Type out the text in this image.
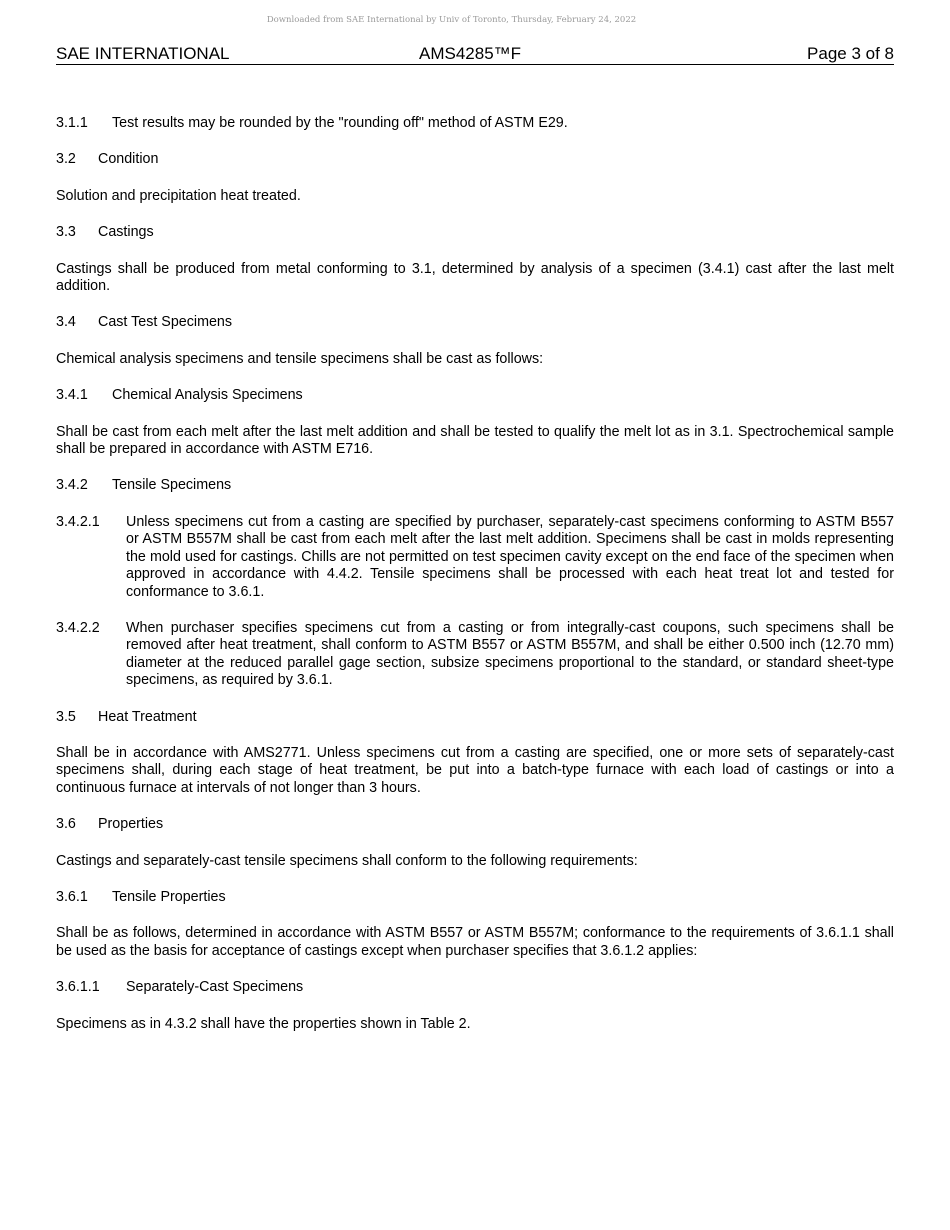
Downloaded from SAE International by Univ of Toronto, Thursday, February 24, 2022
SAE INTERNATIONAL	AMS4285™F	Page 3 of 8

3.1.1	Test results may be rounded by the "rounding off" method of ASTM E29.

3.2	Condition

Solution and precipitation heat treated.

3.3	Castings

Castings shall be produced from metal conforming to 3.1, determined by analysis of a specimen (3.4.1) cast after the last melt addition.

3.4	Cast Test Specimens

Chemical analysis specimens and tensile specimens shall be cast as follows:

3.4.1	Chemical Analysis Specimens

Shall be cast from each melt after the last melt addition and shall be tested to qualify the melt lot as in 3.1. Spectrochemical sample shall be prepared in accordance with ASTM E716.

3.4.2	Tensile Specimens

3.4.2.1	Unless specimens cut from a casting are specified by purchaser, separately-cast specimens conforming to ASTM B557 or ASTM B557M shall be cast from each melt after the last melt addition. Specimens shall be cast in molds representing the mold used for castings. Chills are not permitted on test specimen cavity except on the end face of the specimen when approved in accordance with 4.4.2. Tensile specimens shall be processed with each heat treat lot and tested for conformance to 3.6.1.
3.4.2.2	When purchaser specifies specimens cut from a casting or from integrally-cast coupons, such specimens shall be removed after heat treatment, shall conform to ASTM B557 or ASTM B557M, and shall be either 0.500 inch (12.70 mm) diameter at the reduced parallel gage section, subsize specimens proportional to the standard, or standard sheet-type specimens, as required by 3.6.1.

3.5	Heat Treatment

Shall be in accordance with AMS2771. Unless specimens cut from a casting are specified, one or more sets of separately-cast specimens shall, during each stage of heat treatment, be put into a batch-type furnace with each load of castings or into a continuous furnace at intervals of not longer than 3 hours.

3.6	Properties

Castings and separately-cast tensile specimens shall conform to the following requirements:

3.6.1	Tensile Properties

Shall be as follows, determined in accordance with ASTM B557 or ASTM B557M; conformance to the requirements of 3.6.1.1 shall be used as the basis for acceptance of castings except when purchaser specifies that 3.6.1.2 applies:

3.6.1.1	Separately-Cast Specimens

Specimens as in 4.3.2 shall have the properties shown in Table 2.
